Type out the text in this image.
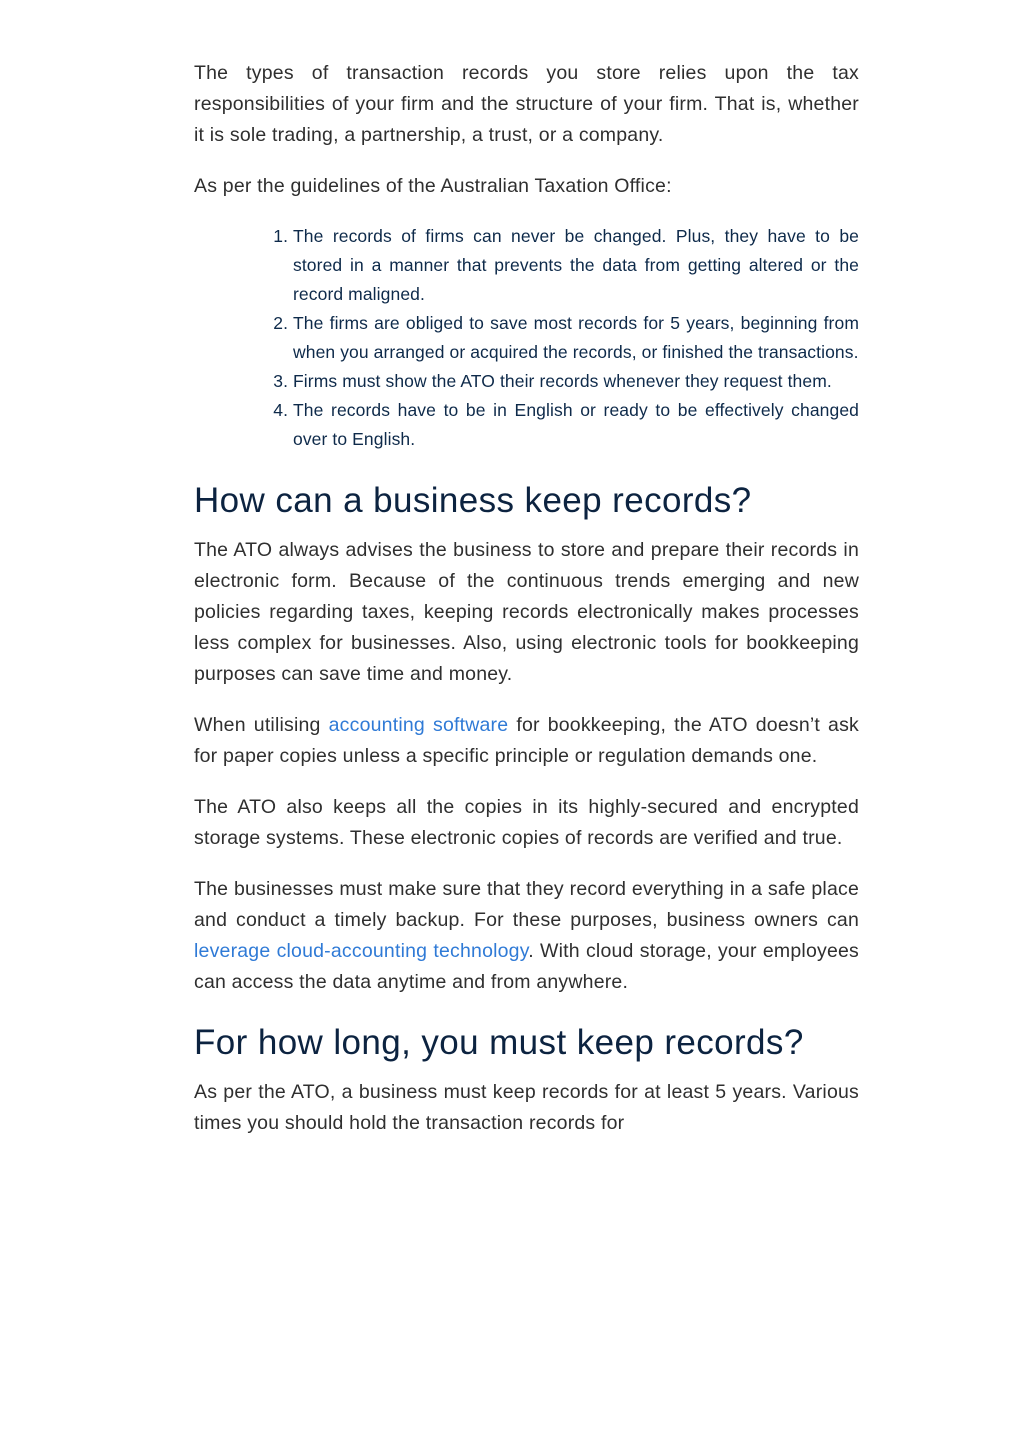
The types of transaction records you store relies upon the tax responsibilities of your firm and the structure of your firm. That is, whether it is sole trading, a partnership, a trust, or a company.

As per the guidelines of the Australian Taxation Office:

1. The records of firms can never be changed. Plus, they have to be stored in a manner that prevents the data from getting altered or the record maligned.
2. The firms are obliged to save most records for 5 years, beginning from when you arranged or acquired the records, or finished the transactions.
3. Firms must show the ATO their records whenever they request them.
4. The records have to be in English or ready to be effectively changed over to English.
How can a business keep records?

The ATO always advises the business to store and prepare their records in electronic form. Because of the continuous trends emerging and new policies regarding taxes, keeping records electronically makes processes less complex for businesses. Also, using electronic tools for bookkeeping purposes can save time and money.

When utilising accounting software for bookkeeping, the ATO doesn’t ask for paper copies unless a specific principle or regulation demands one.

The ATO also keeps all the copies in its highly-secured and encrypted storage systems. These electronic copies of records are verified and true.

The businesses must make sure that they record everything in a safe place and conduct a timely backup. For these purposes, business owners can leverage cloud-accounting technology. With cloud storage, your employees can access the data anytime and from anywhere.

For how long, you must keep records?

As per the ATO, a business must keep records for at least 5 years. Various times you should hold the transaction records for
